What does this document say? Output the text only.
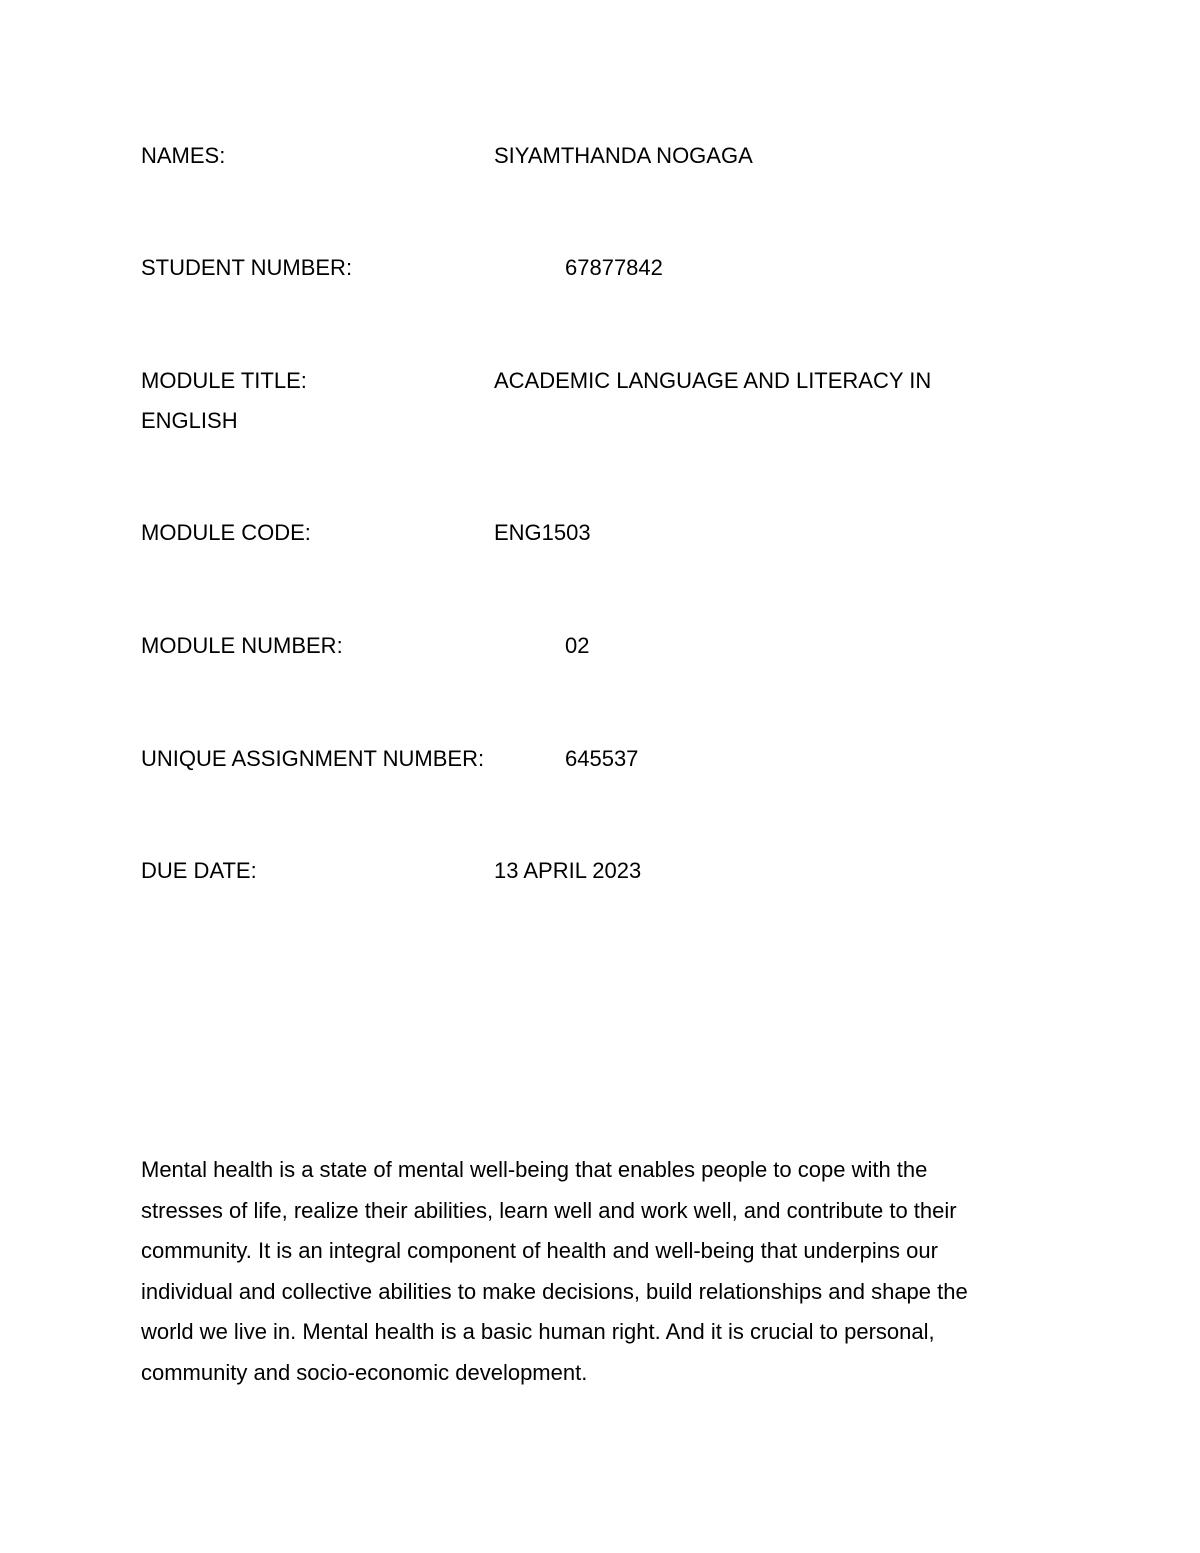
NAMES:	SIYAMTHANDA NOGAGA
STUDENT NUMBER:	67877842
MODULE TITLE:	ACADEMIC LANGUAGE AND LITERACY IN
ENGLISH
MODULE CODE:	ENG1503
MODULE NUMBER:	02
UNIQUE ASSIGNMENT NUMBER:	645537
DUE DATE:	13 APRIL 2023

Mental health is a state of mental well-being that enables people to cope with the
stresses of life, realize their abilities, learn well and work well, and contribute to their
community. It is an integral component of health and well-being that underpins our
individual and collective abilities to make decisions, build relationships and shape the
world we live in. Mental health is a basic human right. And it is crucial to personal,
community and socio-economic development.
